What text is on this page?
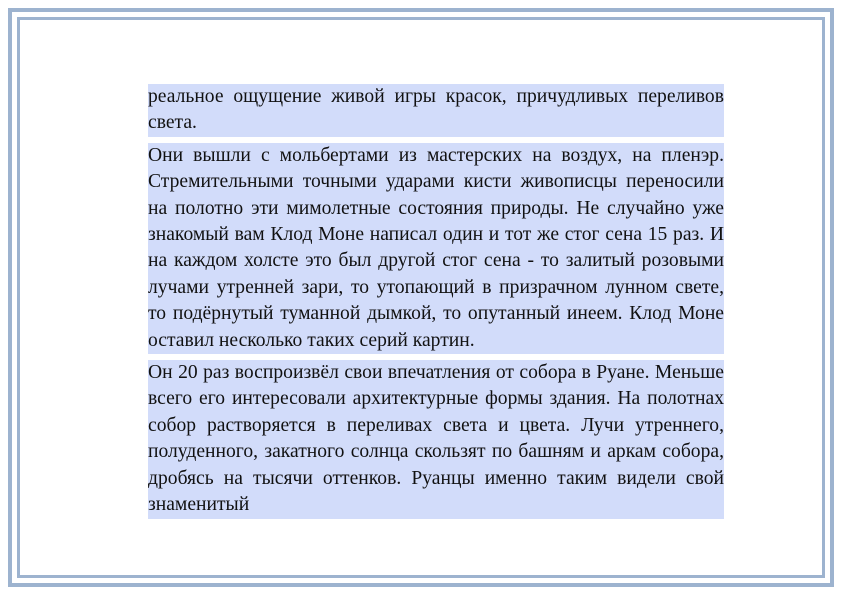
реальное ощущение живой игры красок, причудливых переливов света.

Они вышли с мольбертами из мастерских на воздух, на пленэр. Стремительными точными ударами кисти живописцы переносили на полотно эти мимолетные состояния природы. Не случайно уже знакомый вам Клод Моне написал один и тот же стог сена 15 раз. И на каждом холсте это был другой стог сена - то залитый розовыми лучами утренней зари, то утопающий в призрачном лунном свете, то подёрнутый туманной дымкой, то опутанный инеем. Клод Моне оставил несколько таких серий картин.

Он 20 раз воспроизвёл свои впечатления от собора в Руане. Меньше всего его интересовали архитектурные формы здания. На полотнах собор растворяется в переливах света и цвета. Лучи утреннего, полуденного, закатного солнца скользят по башням и аркам собора, дробясь на тысячи оттенков. Руанцы именно таким видели свой знаменитый
